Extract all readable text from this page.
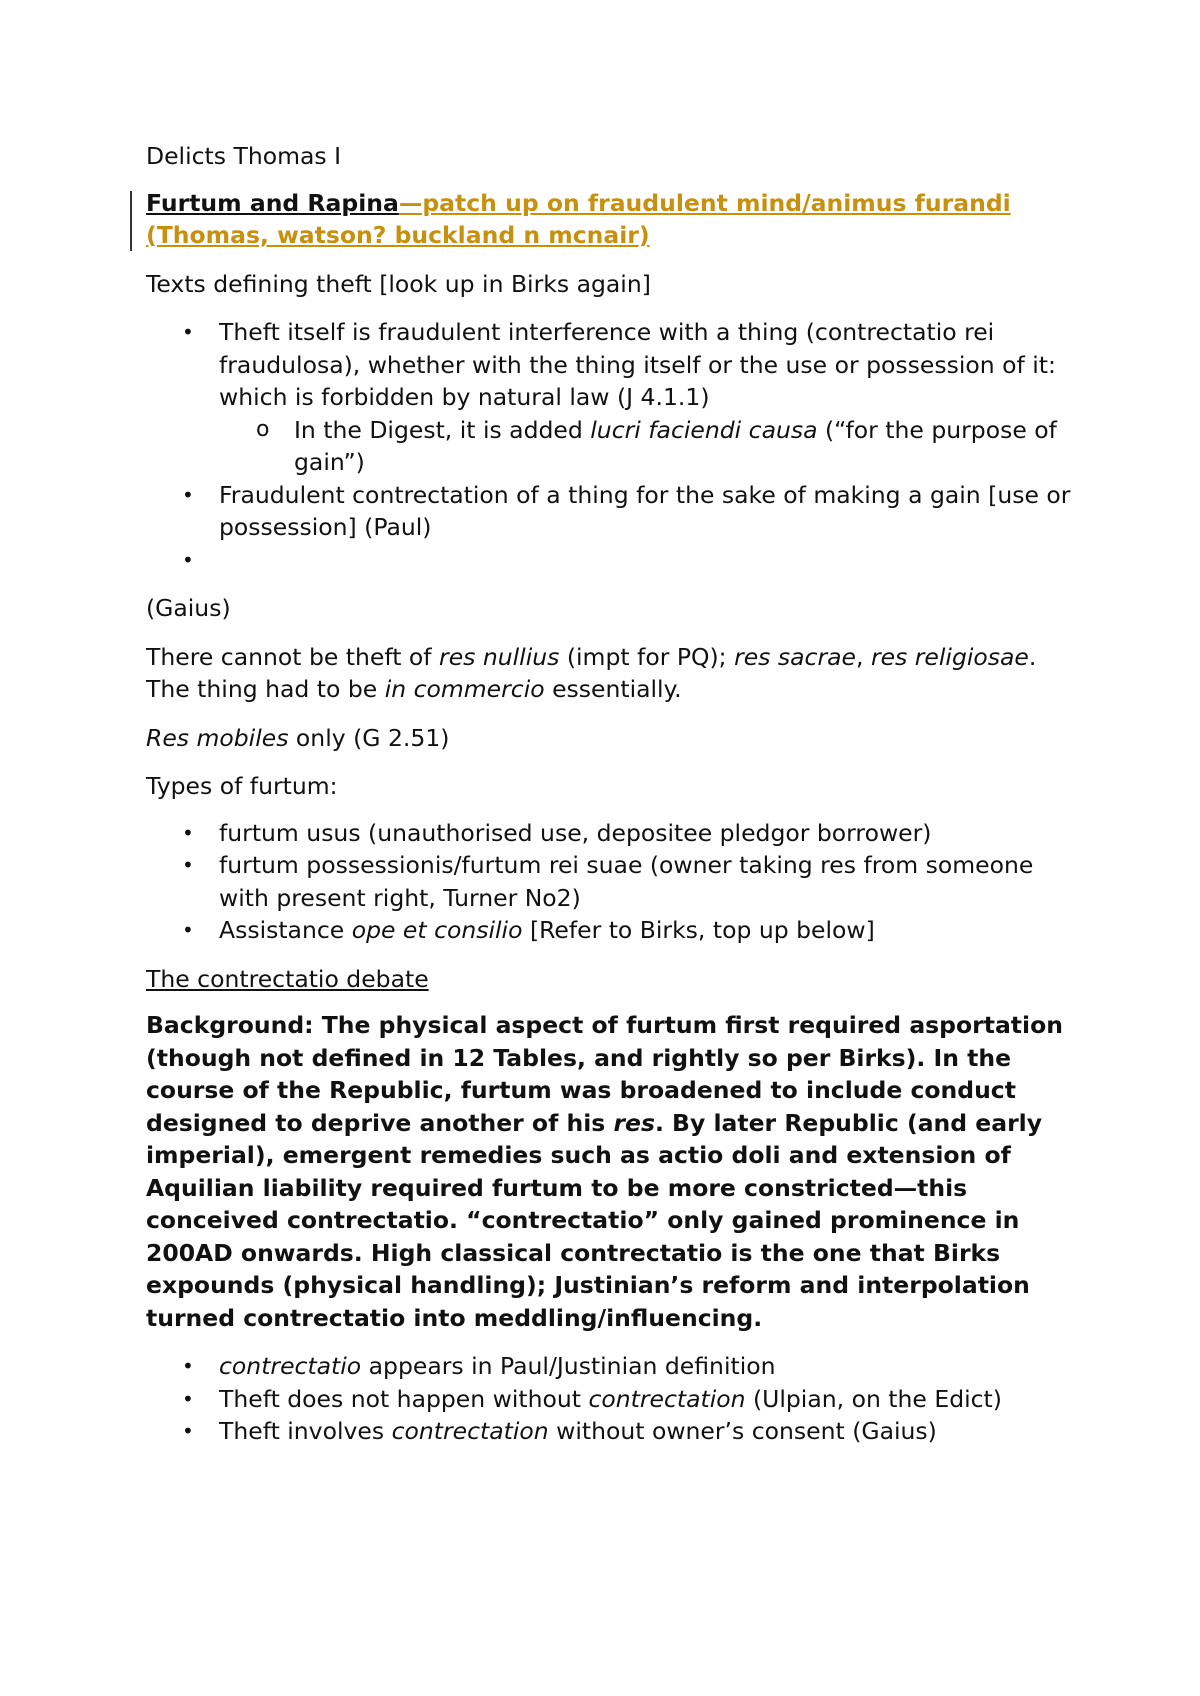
Delicts Thomas I
Furtum and Rapina—patch up on fraudulent mind/animus furandi (Thomas, watson? buckland n mcnair)
Texts defining theft [look up in Birks again]
• Theft itself is fraudulent interference with a thing (contrectatio rei fraudulosa), whether with the thing itself or the use or possession of it: which is forbidden by natural law (J 4.1.1)
o In the Digest, it is added lucri faciendi causa (“for the purpose of gain”)
• Fraudulent contrectation of a thing for the sake of making a gain [use or possession] (Paul)
•
(Gaius)
There cannot be theft of res nullius (impt for PQ); res sacrae, res religiosae. The thing had to be in commercio essentially.
Res mobiles only (G 2.51)
Types of furtum:
• furtum usus (unauthorised use, depositee pledgor borrower)
• furtum possessionis/furtum rei suae (owner taking res from someone with present right, Turner No2)
• Assistance ope et consilio [Refer to Birks, top up below]
The contrectatio debate
Background: The physical aspect of furtum first required asportation (though not defined in 12 Tables, and rightly so per Birks). In the course of the Republic, furtum was broadened to include conduct designed to deprive another of his res. By later Republic (and early imperial), emergent remedies such as actio doli and extension of Aquilian liability required furtum to be more constricted—this conceived contrectatio. “contrectatio” only gained prominence in 200AD onwards. High classical contrectatio is the one that Birks expounds (physical handling); Justinian’s reform and interpolation turned contrectatio into meddling/influencing.
• contrectatio appears in Paul/Justinian definition
• Theft does not happen without contrectation (Ulpian, on the Edict)
• Theft involves contrectation without owner’s consent (Gaius)
